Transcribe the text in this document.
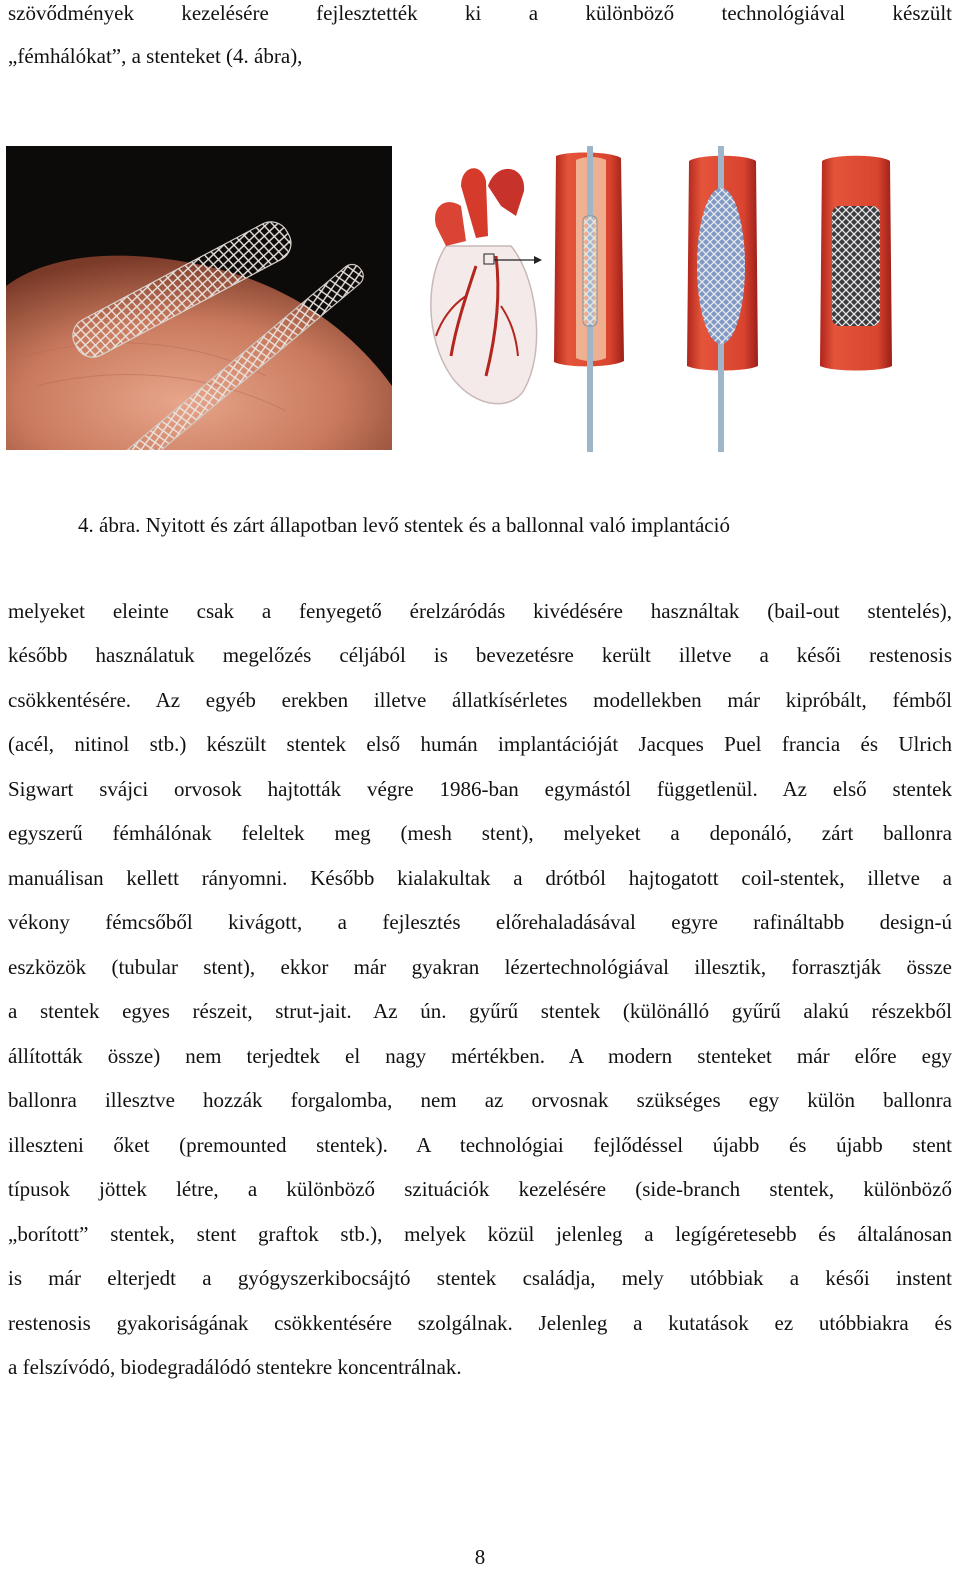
szövődmények kezelésére fejlesztették ki a különböző technológiával készült
„fémhálókat”, a stenteket (4. ábra),
4. ábra. Nyitott és zárt állapotban levő stentek és a ballonnal való implantáció
melyeket eleinte csak a fenyegető érelzáródás kivédésére használtak (bail-out stentelés),
később használatuk megelőzés céljából is bevezetésre került illetve a késői restenosis
csökkentésére. Az egyéb erekben illetve állatkísérletes modellekben már kipróbált, fémből
(acél, nitinol stb.) készült stentek első humán implantációját Jacques Puel francia és Ulrich
Sigwart svájci orvosok hajtották végre 1986-ban egymástól függetlenül. Az első stentek
egyszerű fémhálónak feleltek meg (mesh stent), melyeket a deponáló, zárt ballonra
manuálisan kellett rányomni. Később kialakultak a drótból hajtogatott coil-stentek, illetve a
vékony fémcsőből kivágott, a fejlesztés előrehaladásával egyre rafináltabb design-ú
eszközök (tubular stent), ekkor már gyakran lézertechnológiával illesztik, forrasztják össze
a stentek egyes részeit, strut-jait. Az ún. gyűrű stentek (különálló gyűrű alakú részekből
állították össze) nem terjedtek el nagy mértékben. A modern stenteket már előre egy
ballonra illesztve hozzák forgalomba, nem az orvosnak szükséges egy külön ballonra
illeszteni őket (premounted stentek). A technológiai fejlődéssel újabb és újabb stent
típusok jöttek létre, a különböző szituációk kezelésére (side-branch stentek, különböző
„borított” stentek, stent graftok stb.), melyek közül jelenleg a legígéretesebb és általánosan
is már elterjedt a gyógyszerkibocsájtó stentek családja, mely utóbbiak a késői instent
restenosis gyakoriságának csökkentésére szolgálnak. Jelenleg a kutatások ez utóbbiakra és
a felszívódó, biodegradálódó stentekre koncentrálnak.
8
